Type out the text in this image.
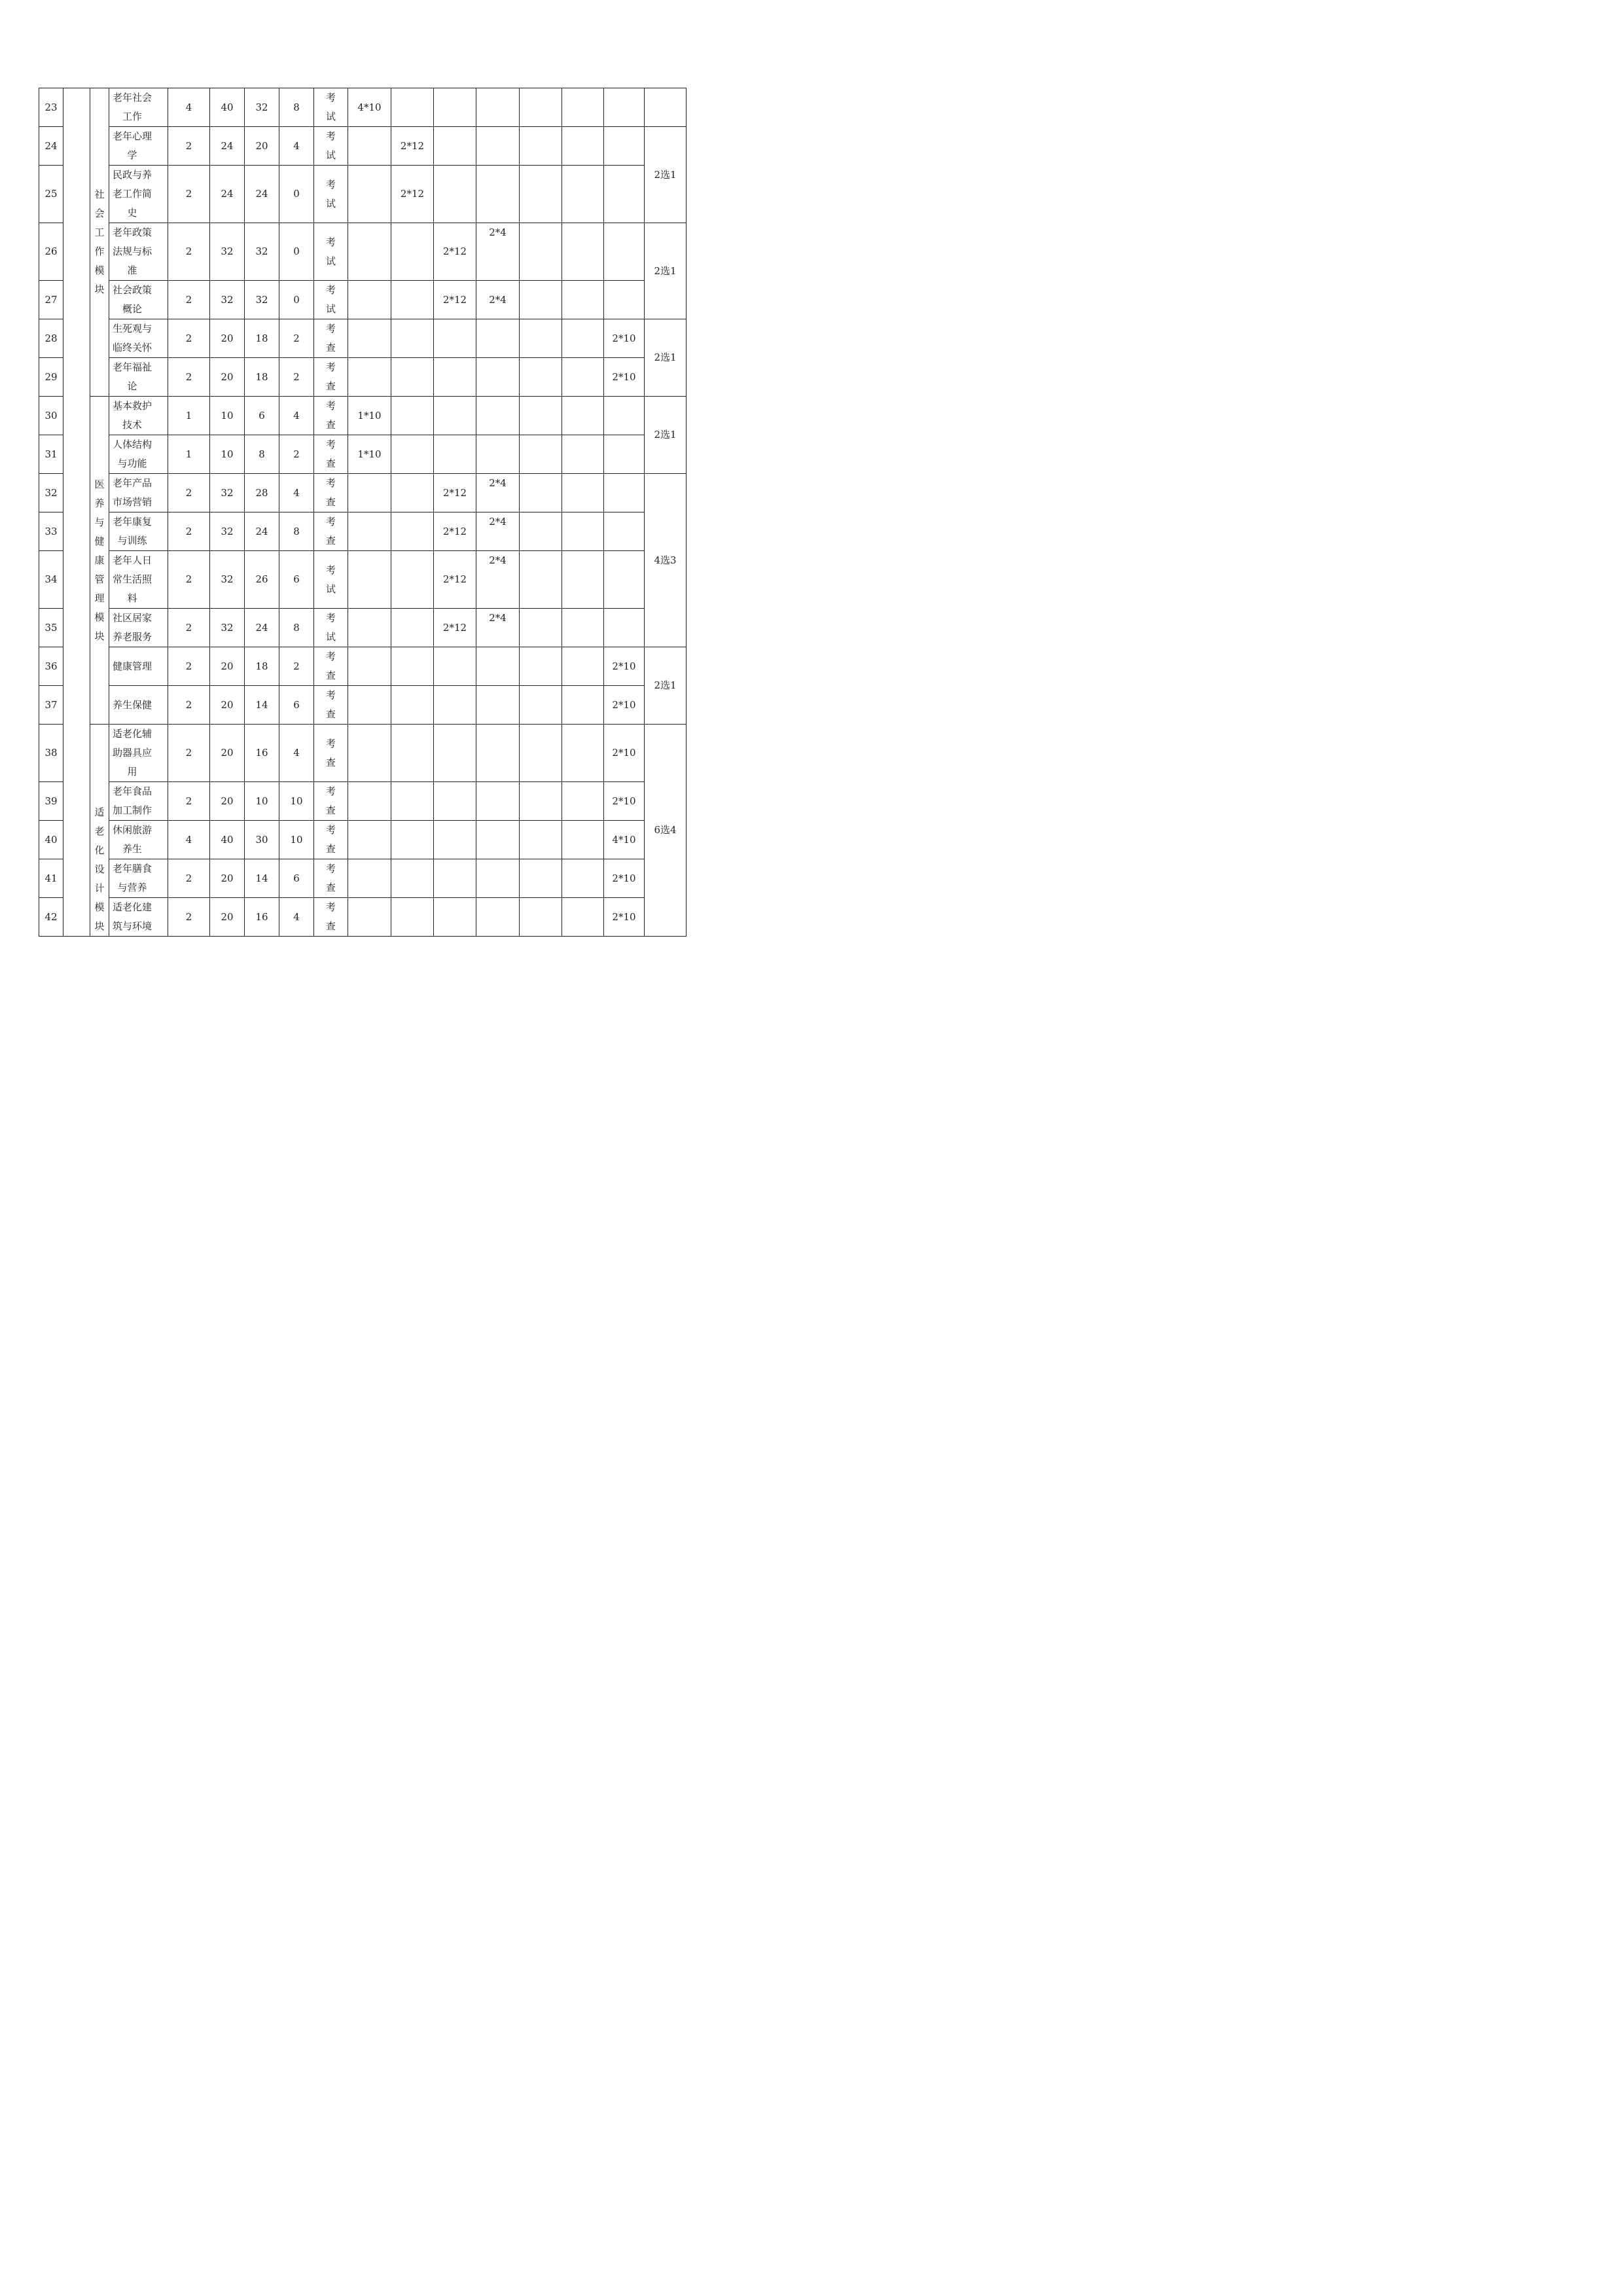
23		社会工作模块	老年社会工作	4	40	32	8	考试	4*10							
24			老年心理学	2	24	20	4	考试		2*12						2选1
25			民政与养老工作简史	2	24	24	0	考试		2*12						
26			老年政策法规与标准	2	32	32	0	考试			2*12	2*4				2选1
27			社会政策概论	2	32	32	0	考试			2*12	2*4				
28			生死观与临终关怀	2	20	18	2	考查							2*10	2选1
29			老年福祉论	2	20	18	2	考查							2*10	
30		医养与健康管理模块	基本救护技术	1	10	6	4	考查	1*10							2选1
31			人体结构与功能	1	10	8	2	考查	1*10							
32			老年产品市场营销	2	32	28	4	考查			2*12	2*4				4选3
33			老年康复与训练	2	32	24	8	考查			2*12	2*4				
34			老年人日常生活照料	2	32	26	6	考试			2*12	2*4				
35			社区居家养老服务	2	32	24	8	考试			2*12	2*4				
36			健康管理	2	20	18	2	考查							2*10	2选1
37			养生保健	2	20	14	6	考查							2*10	
38		适老化设计模块	适老化辅助器具应用	2	20	16	4	考查							2*10	6选4
39			老年食品加工制作	2	20	10	10	考查							2*10	
40			休闲旅游养生	4	40	30	10	考查							4*10	
41			老年膳食与营养	2	20	14	6	考查							2*10	
42			适老化建筑与环境	2	20	16	4	考查							2*10	
